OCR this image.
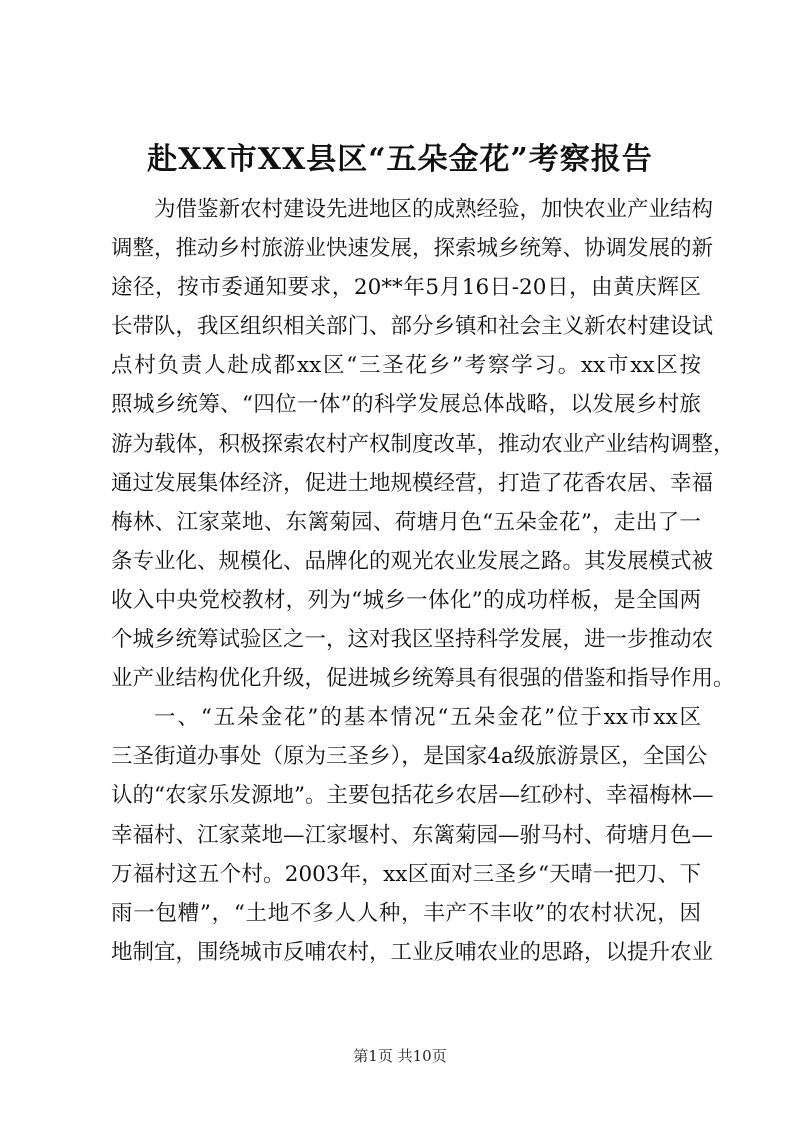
赴XX市XX县区“五朵金花”考察报告
为借鉴新农村建设先进地区的成熟经验，加快农业产业结构
调整，推动乡村旅游业快速发展，探索城乡统筹、协调发展的新
途径，按市委通知要求，20**年5月16日-20日，由黄庆辉区
长带队，我区组织相关部门、部分乡镇和社会主义新农村建设试
点村负责人赴成都xx区“三圣花乡”考察学习。xx市xx区按
照城乡统筹、“四位一体”的科学发展总体战略，以发展乡村旅
游为载体，积极探索农村产权制度改革，推动农业产业结构调整，
通过发展集体经济，促进土地规模经营，打造了花香农居、幸福
梅林、江家菜地、东篱菊园、荷塘月色“五朵金花”，走出了一
条专业化、规模化、品牌化的观光农业发展之路。其发展模式被
收入中央党校教材，列为“城乡一体化”的成功样板，是全国两
个城乡统筹试验区之一，这对我区坚持科学发展，进一步推动农
业产业结构优化升级，促进城乡统筹具有很强的借鉴和指导作用。
一、“五朵金花”的基本情况“五朵金花”位于xx市xx区
三圣街道办事处（原为三圣乡），是国家4a级旅游景区，全国公
认的“农家乐发源地”。主要包括花乡农居—红砂村、幸福梅林—
幸福村、江家菜地—江家堰村、东篱菊园—驸马村、荷塘月色—
万福村这五个村。2003年，xx区面对三圣乡“天晴一把刀、下
雨一包糟”，“土地不多人人种，丰产不丰收”的农村状况，因
地制宜，围绕城市反哺农村，工业反哺农业的思路，以提升农业
第1页 共10页
